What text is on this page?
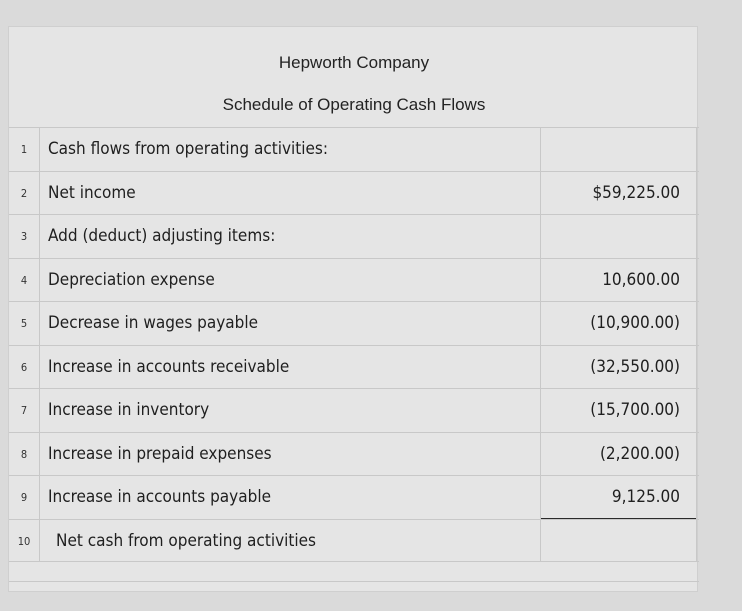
Hepworth Company
Schedule of Operating Cash Flows
1	Cash flows from operating activities:
2	Net income	$59,225.00
3	Add (deduct) adjusting items:
4	Depreciation expense	10,600.00
5	Decrease in wages payable	(10,900.00)
6	Increase in accounts receivable	(32,550.00)
7	Increase in inventory	(15,700.00)
8	Increase in prepaid expenses	(2,200.00)
9	Increase in accounts payable	9,125.00
10	Net cash from operating activities
